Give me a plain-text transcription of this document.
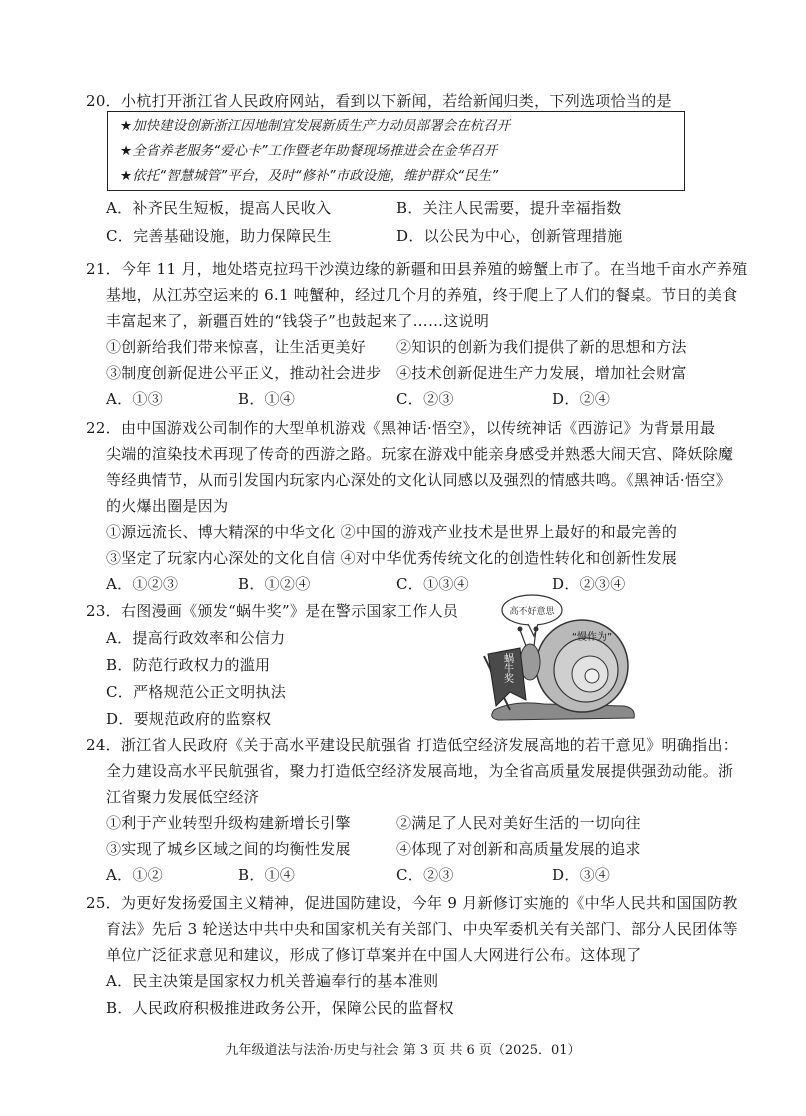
20．小杭打开浙江省人民政府网站，看到以下新闻，若给新闻归类，下列选项恰当的是
★加快建设创新浙江因地制宜发展新质生产力动员部署会在杭召开
★全省养老服务“爱心卡”工作暨老年助餐现场推进会在金华召开
★依托“智慧城管”平台，及时“修补”市政设施，维护群众“民生”
A．补齐民生短板，提高人民收入	B．关注人民需要，提升幸福指数
C．完善基础设施，助力保障民生	D．以公民为中心，创新管理措施
21．今年 11 月，地处塔克拉玛干沙漠边缘的新疆和田县养殖的螃蟹上市了。在当地千亩水产养殖
基地，从江苏空运来的 6.1 吨蟹种，经过几个月的养殖，终于爬上了人们的餐桌。节日的美食
丰富起来了，新疆百姓的“钱袋子”也鼓起来了……这说明
①创新给我们带来惊喜，让生活更美好 ②知识的创新为我们提供了新的思想和方法
③制度创新促进公平正义，推动社会进步 ④技术创新促进生产力发展，增加社会财富
A．①③	B．①④	C．②③	D．②④
22．由中国游戏公司制作的大型单机游戏《黑神话·悟空》，以传统神话《西游记》为背景用最
尖端的渲染技术再现了传奇的西游之路。玩家在游戏中能亲身感受并熟悉大闹天宫、降妖除魔
等经典情节，从而引发国内玩家内心深处的文化认同感以及强烈的情感共鸣。《黑神话·悟空》
的火爆出圈是因为
①源远流长、博大精深的中华文化 ②中国的游戏产业技术是世界上最好的和最完善的
③坚定了玩家内心深处的文化自信 ④对中华优秀传统文化的创造性转化和创新性发展
A．①②③	B．①②④	C．①③④	D．②③④
23．右图漫画《颁发“蜗牛奖”》是在警示国家工作人员
A．提高行政效率和公信力
B．防范行政权力的滥用
C．严格规范公正文明执法
D．要规范政府的监察权
高不好意思
“慢作为”
蜗牛奖
24．浙江省人民政府《关于高水平建设民航强省 打造低空经济发展高地的若干意见》明确指出：
全力建设高水平民航强省，聚力打造低空经济发展高地，为全省高质量发展提供强劲动能。浙
江省聚力发展低空经济
①利于产业转型升级构建新增长引擎	②满足了人民对美好生活的一切向往
③实现了城乡区域之间的均衡性发展	④体现了对创新和高质量发展的追求
A．①②	B．①④	C．②③	D．③④
25．为更好发扬爱国主义精神，促进国防建设，今年 9 月新修订实施的《中华人民共和国国防教
育法》先后 3 轮送达中共中央和国家机关有关部门、中央军委机关有关部门、部分人民团体等
单位广泛征求意见和建议，形成了修订草案并在中国人大网进行公布。这体现了
A．民主决策是国家权力机关普遍奉行的基本准则
B．人民政府积极推进政务公开，保障公民的监督权
九年级道法与法治·历史与社会 第 3 页 共 6 页（2025．01）
